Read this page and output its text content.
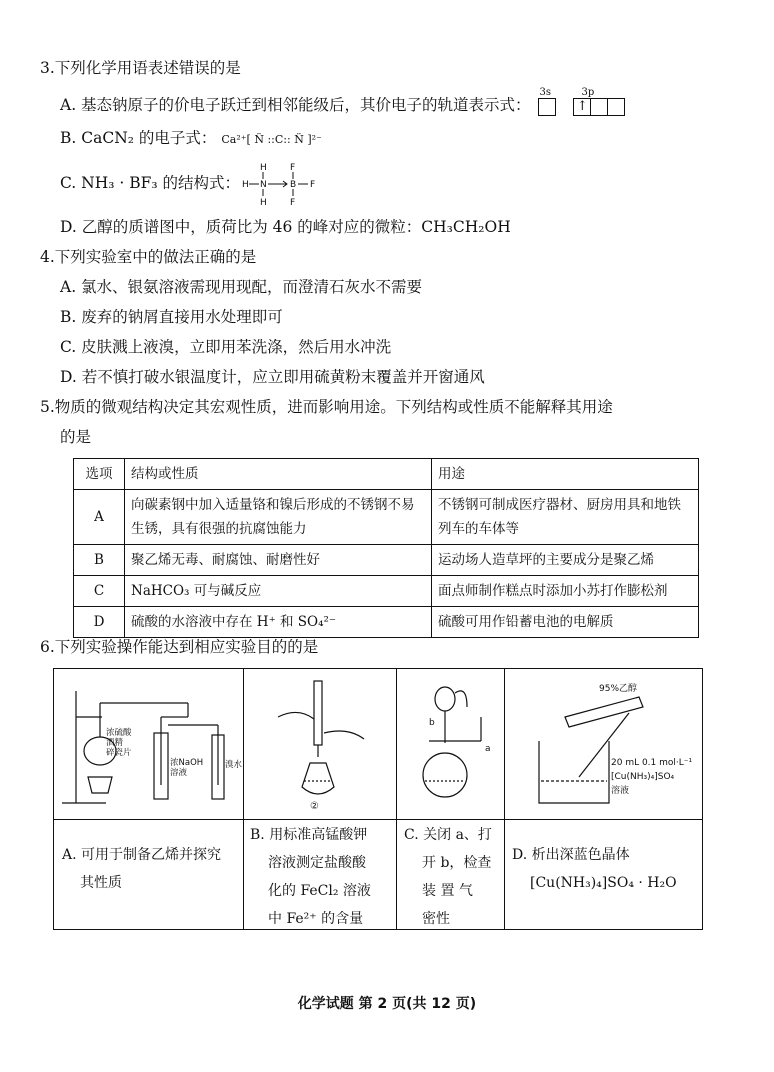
3.下列化学用语表述错误的是
A. 基态钠原子的价电子跃迁到相邻能级后，其价电子的轨道表示式：
3s
	3p
↑
B. CaCN₂ 的电子式： Ca²⁺[ N̈ ::C:: N̈ ]²⁻
C. NH₃ · BF₃ 的结构式：
H	F
H N	B F
H	F
D. 乙醇的质谱图中，质荷比为 46 的峰对应的微粒：CH₃CH₂OH
4.下列实验室中的做法正确的是
A. 氯水、银氨溶液需现用现配，而澄清石灰水不需要
B. 废弃的钠屑直接用水处理即可
C. 皮肤溅上液溴，立即用苯洗涤，然后用水冲洗
D. 若不慎打破水银温度计，应立即用硫黄粉末覆盖并开窗通风
5.物质的微观结构决定其宏观性质，进而影响用途。下列结构或性质不能解释其用途
的是
选项	结构或性质	用途
A	向碳素钢中加入适量铬和镍后形成的不锈钢不易生锈，具有很强的抗腐蚀能力	不锈钢可制成医疗器材、厨房用具和地铁列车的车体等
B	聚乙烯无毒、耐腐蚀、耐磨性好	运动场人造草坪的主要成分是聚乙烯
C	NaHCO₃ 可与碱反应	面点师制作糕点时添加小苏打作膨松剂
D	硫酸的水溶液中存在 H⁺ 和 SO₄²⁻	硫酸可用作铅蓄电池的电解质
6.下列实验操作能达到相应实验目的的是
浓硫酸
酒精
碎瓷片
浓NaOH
溶液
溴水
②
b
a
95%乙醇
20 mL 0.1 mol·L⁻¹
[Cu(NH₃)₄]SO₄
溶液
A. 可用于制备乙烯并探究
其性质
B. 用标准高锰酸钾
溶液测定盐酸酸
化的 FeCl₂ 溶液
中 Fe²⁺ 的含量
C. 关闭 a、打
开 b，检查
装 置 气
密性
D. 析出深蓝色晶体
[Cu(NH₃)₄]SO₄ · H₂O
化学试题 第 2 页(共 12 页)
